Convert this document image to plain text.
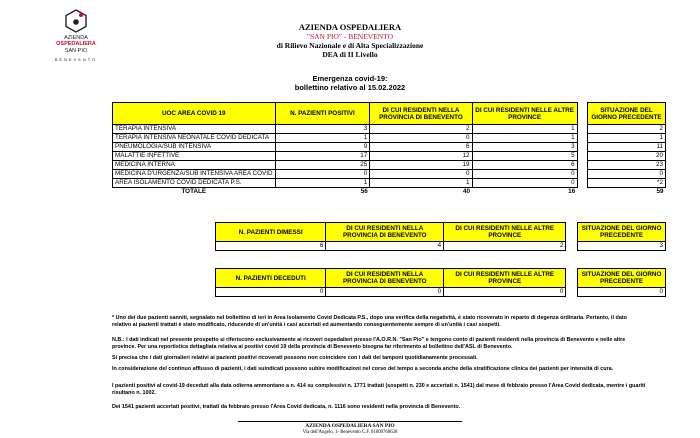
AZIENDA
OSPEDALIERA
SAN PIO
BENEVENTO
AZIENDA OSPEDALIERA
"SAN PIO" - BENEVENTO
di Rilievo Nazionale e di Alta Specializzazione
DEA di II Livello
Emergenza covid-19:
bollettino relativo al 15.02.2022
UOC AREA COVID 19	N. PAZIENTI POSITIVI	DI CUI RESIDENTI NELLA PROVINCIA DI BENEVENTO	DI CUI RESIDENTI NELLE ALTRE PROVINCE		SITUAZIONE DEL GIORNO PRECEDENTE
TERAPIA INTENSIVA	3	2	1		2
TERAPIA INTENSIVA NEONATALE COVID DEDICATA	1	0	1		1
PNEUMOLOGIA/SUB INTENSIVA	9	6	3		11
MALATTIE INFETTIVE	17	12	5		20
MEDICINA INTERNA	25	19	6		23
MEDICINA D'URGENZA/SUB INTENSIVA AREA COVID	0	0	0		0
AREA ISOLAMENTO COVID DEDICATA P.S.	1	1	0		*2
TOTALE	56	40	16		59
N. PAZIENTI DIMESSI	DI CUI RESIDENTI NELLA PROVINCIA DI BENEVENTO	DI CUI RESIDENTI NELLE ALTRE PROVINCE		SITUAZIONE DEL GIORNO PRECEDENTE
6	4	2		3
N. PAZIENTI DECEDUTI	DI CUI RESIDENTI NELLA PROVINCIA DI BENEVENTO	DI CUI RESIDENTI NELLE ALTRE PROVINCE		SITUAZIONE DEL GIORNO PRECEDENTE
0	0	0		0
* Uno dei due pazienti sanniti, segnalato nel bollettino di ieri in Area Isolamento Covid Dedicata P.S., dopo una verifica della negatività, è stato ricoverato in reparto di degenza ordinaria. Pertanto, il dato relativo ai pazienti trattati è stato modificato, riducendo di un'unità i casi accertati ed aumentando conseguentemente sempre di un'unità i casi sospetti.
N.B.: I dati indicati nel presente prospetto si riferiscono esclusivamente ai ricoveri ospedalieri presso l'A.O.R.N. "San Pio" e tengono conto di pazienti residenti nella provincia di Benevento e nelle altre province. Per una reportistica dettagliata relativa ai positivi covid 19 della provincia di Benevento bisogna far riferimento al bollettino dell'ASL di Benevento.
Si precisa che i dati giornalieri relativi ai pazienti positivi ricoverati possono non coincidere con i dati dei tamponi quotidianamente processati.
In considerazione del continuo afflusso di pazienti, i dati suindicati possono subire modificazioni nel corso del tempo a seconda anche della stratificazione clinica dei pazienti per intensità di cura.
I pazienti positivi al covid-19 deceduti alla data odierna ammontano a n. 414 su complessivi n. 1771 trattati (sospetti n. 230 e accertati n. 1541) dal mese di febbraio presso l'Area Covid dedicata, mentre i guariti risultano n. 1002.
Dei 1541 pazienti accertati positivi, trattati da febbraio presso l'Area Covid dedicata, n. 1116 sono residenti nella provincia di Benevento.
AZIENDA OSPEDALIERA SAN PIO
Via dell'Angelo, 1- Benevento C.F. 01009760628
